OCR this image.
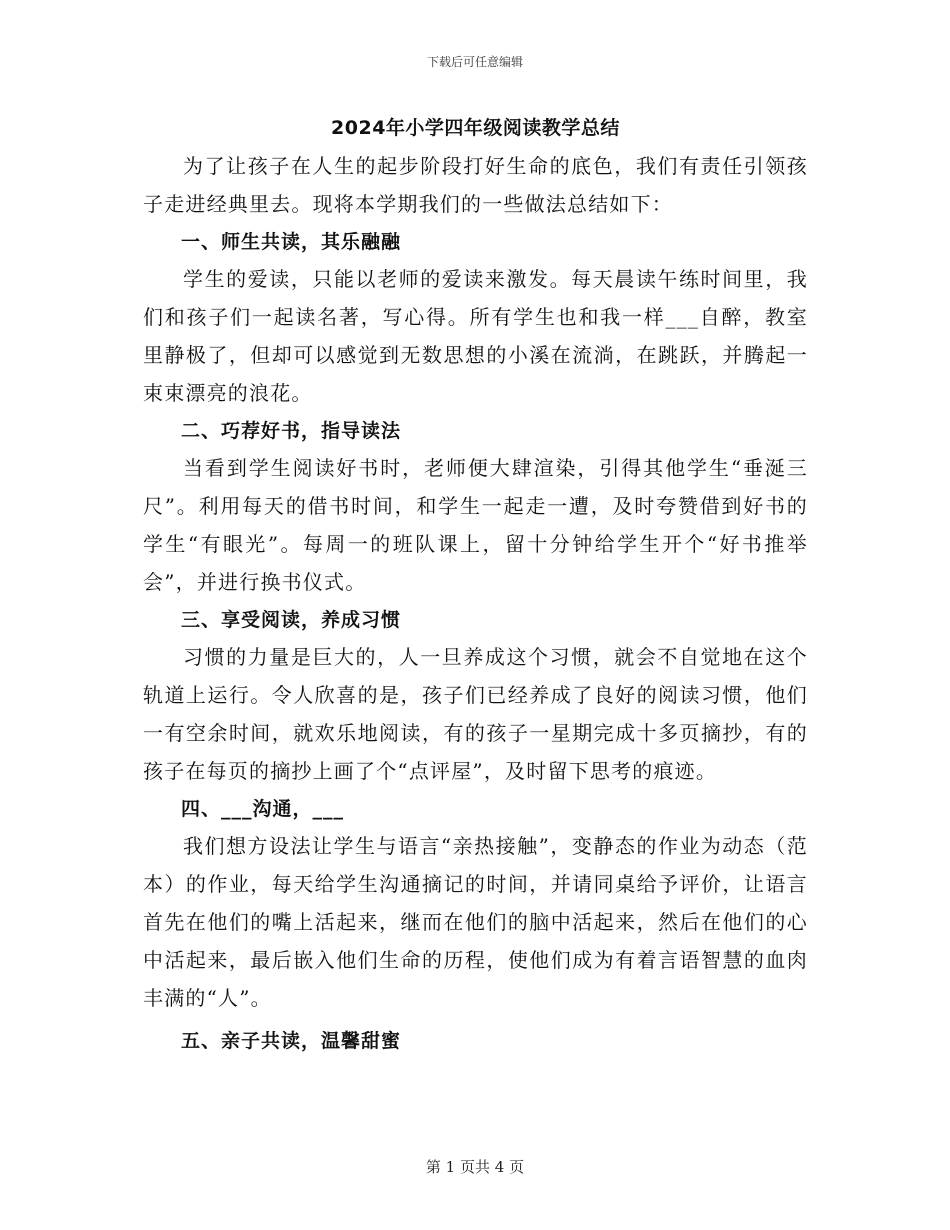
下载后可任意编辑
2024年小学四年级阅读教学总结

为了让孩子在人生的起步阶段打好生命的底色，我们有责任引领孩子走进经典里去。现将本学期我们的一些做法总结如下：

一、师生共读，其乐融融

学生的爱读，只能以老师的爱读来激发。每天晨读午练时间里，我们和孩子们一起读名著，写心得。所有学生也和我一样___自醉，教室里静极了，但却可以感觉到无数思想的小溪在流淌，在跳跃，并腾起一束束漂亮的浪花。

二、巧荐好书，指导读法

当看到学生阅读好书时，老师便大肆渲染，引得其他学生“垂涎三尺”。利用每天的借书时间，和学生一起走一遭，及时夸赞借到好书的学生“有眼光”。每周一的班队课上，留十分钟给学生开个“好书推举会”，并进行换书仪式。

三、享受阅读，养成习惯

习惯的力量是巨大的，人一旦养成这个习惯，就会不自觉地在这个轨道上运行。令人欣喜的是，孩子们已经养成了良好的阅读习惯，他们一有空余时间，就欢乐地阅读，有的孩子一星期完成十多页摘抄，有的孩子在每页的摘抄上画了个“点评屋”，及时留下思考的痕迹。

四、___沟通，___

我们想方设法让学生与语言“亲热接触”，变静态的作业为动态（范本）的作业，每天给学生沟通摘记的时间，并请同桌给予评价，让语言首先在他们的嘴上活起来，继而在他们的脑中活起来，然后在他们的心中活起来，最后嵌入他们生命的历程，使他们成为有着言语智慧的血肉丰满的“人”。

五、亲子共读，温馨甜蜜
第 1 页共 4 页
